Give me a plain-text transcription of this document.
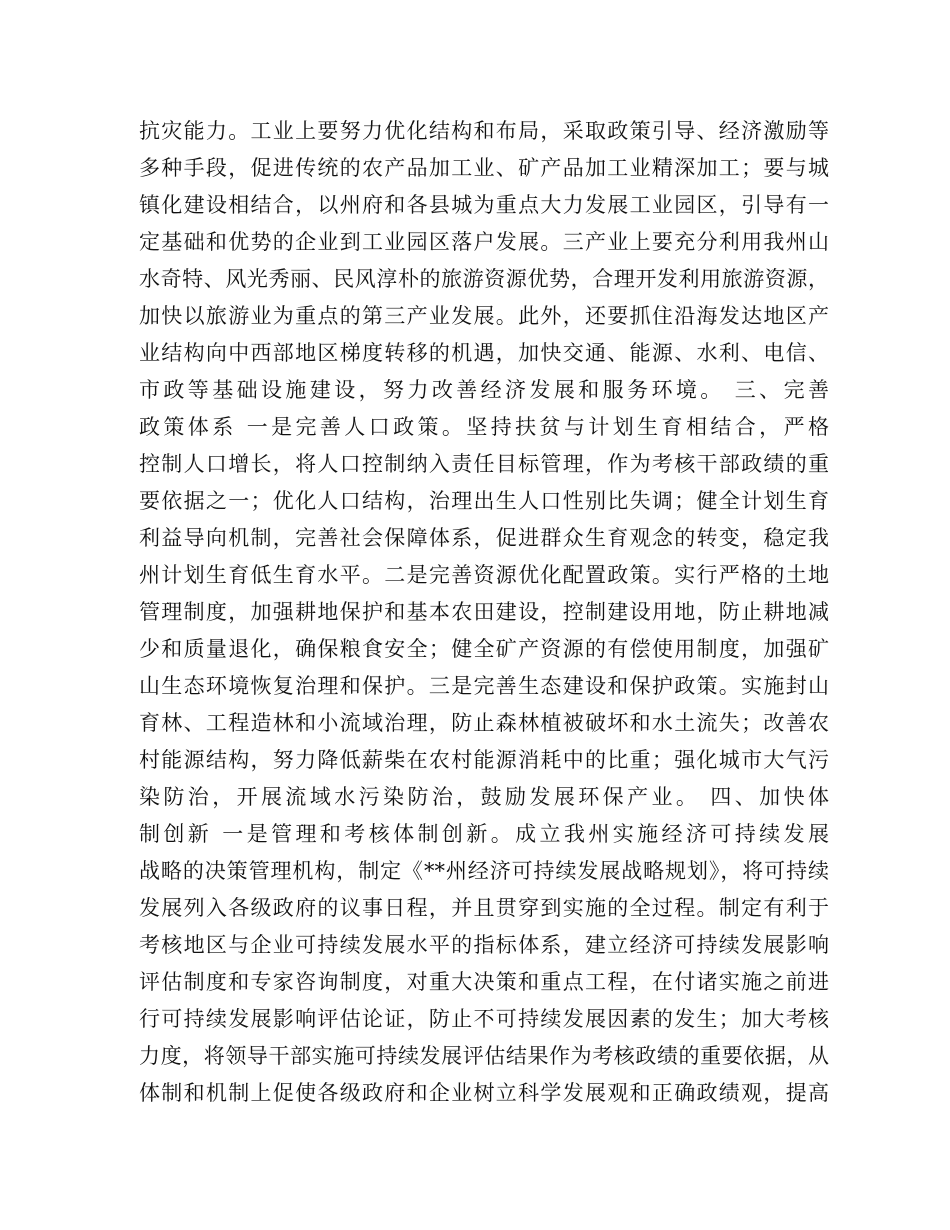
抗灾能力。工业上要努力优化结构和布局，采取政策引导、经济激励等
多种手段，促进传统的农产品加工业、矿产品加工业精深加工；要与城
镇化建设相结合，以州府和各县城为重点大力发展工业园区，引导有一
定基础和优势的企业到工业园区落户发展。三产业上要充分利用我州山
水奇特、风光秀丽、民风淳朴的旅游资源优势，合理开发利用旅游资源，
加快以旅游业为重点的第三产业发展。此外，还要抓住沿海发达地区产
业结构向中西部地区梯度转移的机遇，加快交通、能源、水利、电信、
市政等基础设施建设，努力改善经济发展和服务环境。 三、完善
政策体系 一是完善人口政策。坚持扶贫与计划生育相结合，严格
控制人口增长，将人口控制纳入责任目标管理，作为考核干部政绩的重
要依据之一；优化人口结构，治理出生人口性别比失调；健全计划生育
利益导向机制，完善社会保障体系，促进群众生育观念的转变，稳定我
州计划生育低生育水平。二是完善资源优化配置政策。实行严格的土地
管理制度，加强耕地保护和基本农田建设，控制建设用地，防止耕地减
少和质量退化，确保粮食安全；健全矿产资源的有偿使用制度，加强矿
山生态环境恢复治理和保护。三是完善生态建设和保护政策。实施封山
育林、工程造林和小流域治理，防止森林植被破坏和水土流失；改善农
村能源结构，努力降低薪柴在农村能源消耗中的比重；强化城市大气污
染防治，开展流域水污染防治，鼓励发展环保产业。 四、加快体
制创新 一是管理和考核体制创新。成立我州实施经济可持续发展
战略的决策管理机构，制定《**州经济可持续发展战略规划》，将可持续
发展列入各级政府的议事日程，并且贯穿到实施的全过程。制定有利于
考核地区与企业可持续发展水平的指标体系，建立经济可持续发展影响
评估制度和专家咨询制度，对重大决策和重点工程，在付诸实施之前进
行可持续发展影响评估论证，防止不可持续发展因素的发生；加大考核
力度，将领导干部实施可持续发展评估结果作为考核政绩的重要依据，从
体制和机制上促使各级政府和企业树立科学发展观和正确政绩观，提高
